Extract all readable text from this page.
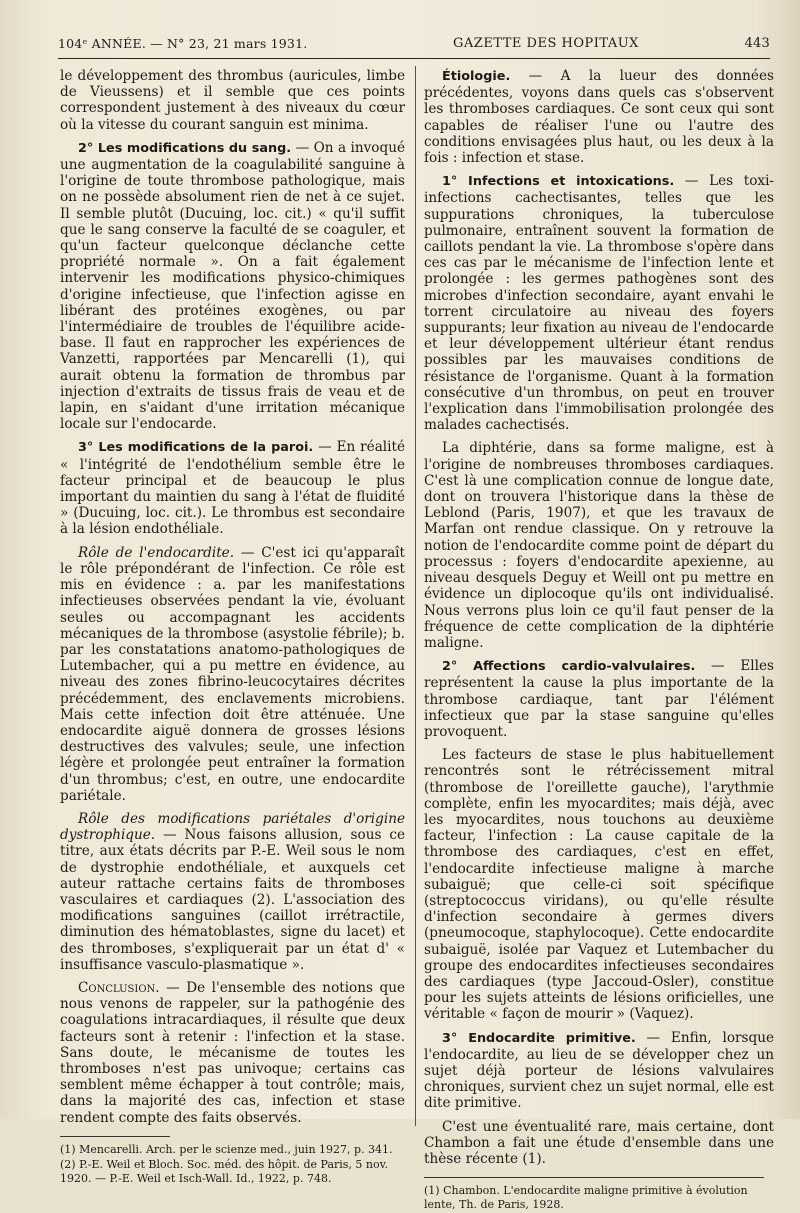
104ᵉ ANNÉE. — N° 23, 21 mars 1931.	GAZETTE DES HOPITAUX	443

le développement des thrombus (auricules, limbe de Vieussens) et il semble que ces points correspondent justement à des niveaux du cœur où la vitesse du courant sanguin est minima.

2° Les modifications du sang. — On a invoqué une augmentation de la coagulabilité sanguine à l'origine de toute thrombose pathologique, mais on ne possède absolument rien de net à ce sujet. Il semble plutôt (Ducuing, loc. cit.) « qu'il suffit que le sang conserve la faculté de se coaguler, et qu'un facteur quelconque déclanche cette propriété normale ». On a fait également intervenir les modifications physico-chimiques d'origine infectieuse, que l'infection agisse en libérant des protéines exogènes, ou par l'intermédiaire de troubles de l'équilibre acide-base. Il faut en rapprocher les expériences de Vanzetti, rapportées par Mencarelli (1), qui aurait obtenu la formation de thrombus par injection d'extraits de tissus frais de veau et de lapin, en s'aidant d'une irritation mécanique locale sur l'endocarde.

3° Les modifications de la paroi. — En réalité « l'intégrité de l'endothélium semble être le facteur principal et de beaucoup le plus important du maintien du sang à l'état de fluidité » (Ducuing, loc. cit.). Le thrombus est secondaire à la lésion endothéliale.

Rôle de l'endocardite. — C'est ici qu'apparaît le rôle prépondérant de l'infection. Ce rôle est mis en évidence : a. par les manifestations infectieuses observées pendant la vie, évoluant seules ou accompagnant les accidents mécaniques de la thrombose (asystolie fébrile); b. par les constatations anatomo-pathologiques de Lutembacher, qui a pu mettre en évidence, au niveau des zones fibrino-leucocytaires décrites précédemment, des enclavements microbiens. Mais cette infection doit être atténuée. Une endocardite aiguë donnera de grosses lésions destructives des valvules; seule, une infection légère et prolongée peut entraîner la formation d'un thrombus; c'est, en outre, une endocardite pariétale.

Rôle des modifications pariétales d'origine dystrophique. — Nous faisons allusion, sous ce titre, aux états décrits par P.-E. Weil sous le nom de dystrophie endothéliale, et auxquels cet auteur rattache certains faits de thromboses vasculaires et cardiaques (2). L'association des modifications sanguines (caillot irrétractile, diminution des hématoblastes, signe du lacet) et des thromboses, s'expliquerait par un état d' « insuffisance vasculo-plasmatique ».

Conclusion. — De l'ensemble des notions que nous venons de rappeler, sur la pathogénie des coagulations intracardiaques, il résulte que deux facteurs sont à retenir : l'infection et la stase. Sans doute, le mécanisme de toutes les thromboses n'est pas univoque; certains cas semblent même échapper à tout contrôle; mais, dans la majorité des cas, infection et stase rendent compte des faits observés.

(1) Mencarelli. Arch. per le scienze med., juin 1927, p. 341.

(2) P.-E. Weil et Bloch. Soc. méd. des hôpit. de Paris, 5 nov. 1920. — P.-E. Weil et Isch-Wall. Id., 1922, p. 748.

Étiologie. — A la lueur des données précédentes, voyons dans quels cas s'observent les thromboses cardiaques. Ce sont ceux qui sont capables de réaliser l'une ou l'autre des conditions envisagées plus haut, ou les deux à la fois : infection et stase.

1° Infections et intoxications. — Les toxi-infections cachectisantes, telles que les suppurations chroniques, la tuberculose pulmonaire, entraînent souvent la formation de caillots pendant la vie. La thrombose s'opère dans ces cas par le mécanisme de l'infection lente et prolongée : les germes pathogènes sont des microbes d'infection secondaire, ayant envahi le torrent circulatoire au niveau des foyers suppurants; leur fixation au niveau de l'endocarde et leur développement ultérieur étant rendus possibles par les mauvaises conditions de résistance de l'organisme. Quant à la formation consécutive d'un thrombus, on peut en trouver l'explication dans l'immobilisation prolongée des malades cachectisés.

La diphtérie, dans sa forme maligne, est à l'origine de nombreuses thromboses cardiaques. C'est là une complication connue de longue date, dont on trouvera l'historique dans la thèse de Leblond (Paris, 1907), et que les travaux de Marfan ont rendue classique. On y retrouve la notion de l'endocardite comme point de départ du processus : foyers d'endocardite apexienne, au niveau desquels Deguy et Weill ont pu mettre en évidence un diplocoque qu'ils ont individualisé. Nous verrons plus loin ce qu'il faut penser de la fréquence de cette complication de la diphtérie maligne.

2° Affections cardio-valvulaires. — Elles représentent la cause la plus importante de la thrombose cardiaque, tant par l'élément infectieux que par la stase sanguine qu'elles provoquent.

Les facteurs de stase le plus habituellement rencontrés sont le rétrécissement mitral (thrombose de l'oreillette gauche), l'arythmie complète, enfin les myocardites; mais déjà, avec les myocardites, nous touchons au deuxième facteur, l'infection : La cause capitale de la thrombose des cardiaques, c'est en effet, l'endocardite infectieuse maligne à marche subaiguë; que celle-ci soit spécifique (streptococcus viridans), ou qu'elle résulte d'infection secondaire à germes divers (pneumocoque, staphylocoque). Cette endocardite subaiguë, isolée par Vaquez et Lutembacher du groupe des endocardites infectieuses secondaires des cardiaques (type Jaccoud-Osler), constitue pour les sujets atteints de lésions orificielles, une véritable « façon de mourir » (Vaquez).

3° Endocardite primitive. — Enfin, lorsque l'endocardite, au lieu de se développer chez un sujet déjà porteur de lésions valvulaires chroniques, survient chez un sujet normal, elle est dite primitive.

C'est une éventualité rare, mais certaine, dont Chambon a fait une étude d'ensemble dans une thèse récente (1).

(1) Chambon. L'endocardite maligne primitive à évolution lente, Th. de Paris, 1928.
